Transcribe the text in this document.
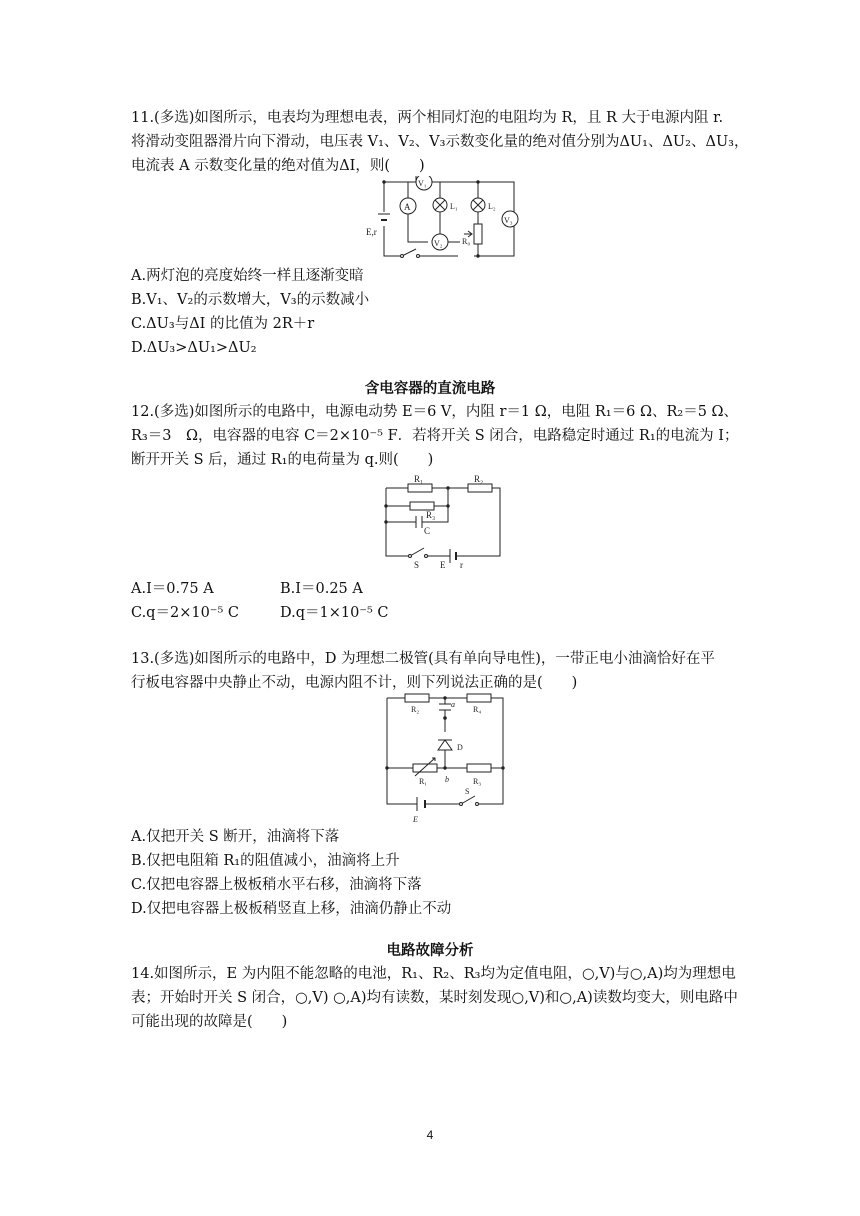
11.(多选)如图所示，电表均为理想电表，两个相同灯泡的电阻均为 R，且 R 大于电源内阻 r.
将滑动变阻器滑片向下滑动，电压表 V₁、V₂、V₃示数变化量的绝对值分别为ΔU₁、ΔU₂、ΔU₃，
电流表 A 示数变化量的绝对值为ΔI，则(　　)
E,r
A
V₁
L₁
V₂
L₂
R₀
V₃
A.两灯泡的亮度始终一样且逐渐变暗
B.V₁、V₂的示数增大，V₃的示数减小
C.ΔU₃与ΔI 的比值为 2R＋r
D.ΔU₃>ΔU₁>ΔU₂
含电容器的直流电路
12.(多选)如图所示的电路中，电源电动势 E＝6 V，内阻 r＝1 Ω，电阻 R₁＝6 Ω、R₂＝5 Ω、
R₃＝3　Ω，电容器的电容 C＝2×10⁻⁵ F．若将开关 S 闭合，电路稳定时通过 R₁的电流为 I；
断开开关 S 后，通过 R₁的电荷量为 q.则(　　)
R₁	R₂
R₃
C
S E r
A.I＝0.75 A	B.I＝0.25 A
C.q＝2×10⁻⁵ C	D.q＝1×10⁻⁵ C
13.(多选)如图所示的电路中，D 为理想二极管(具有单向导电性)，一带正电小油滴恰好在平
行板电容器中央静止不动，电源内阻不计，则下列说法正确的是(　　)
R₂	R₄
a
D
R₁ b	R₃
E
S
A.仅把开关 S 断开，油滴将下落
B.仅把电阻箱 R₁的阻值减小，油滴将上升
C.仅把电容器上极板稍水平右移，油滴将下落
D.仅把电容器上极板稍竖直上移，油滴仍静止不动
电路故障分析
14.如图所示，E 为内阻不能忽略的电池，R₁、R₂、R₃均为定值电阻，○,V)与○,A)均为理想电
表；开始时开关 S 闭合，○,V) ○,A)均有读数，某时刻发现○,V)和○,A)读数均变大，则电路中
可能出现的故障是(　　)
4
